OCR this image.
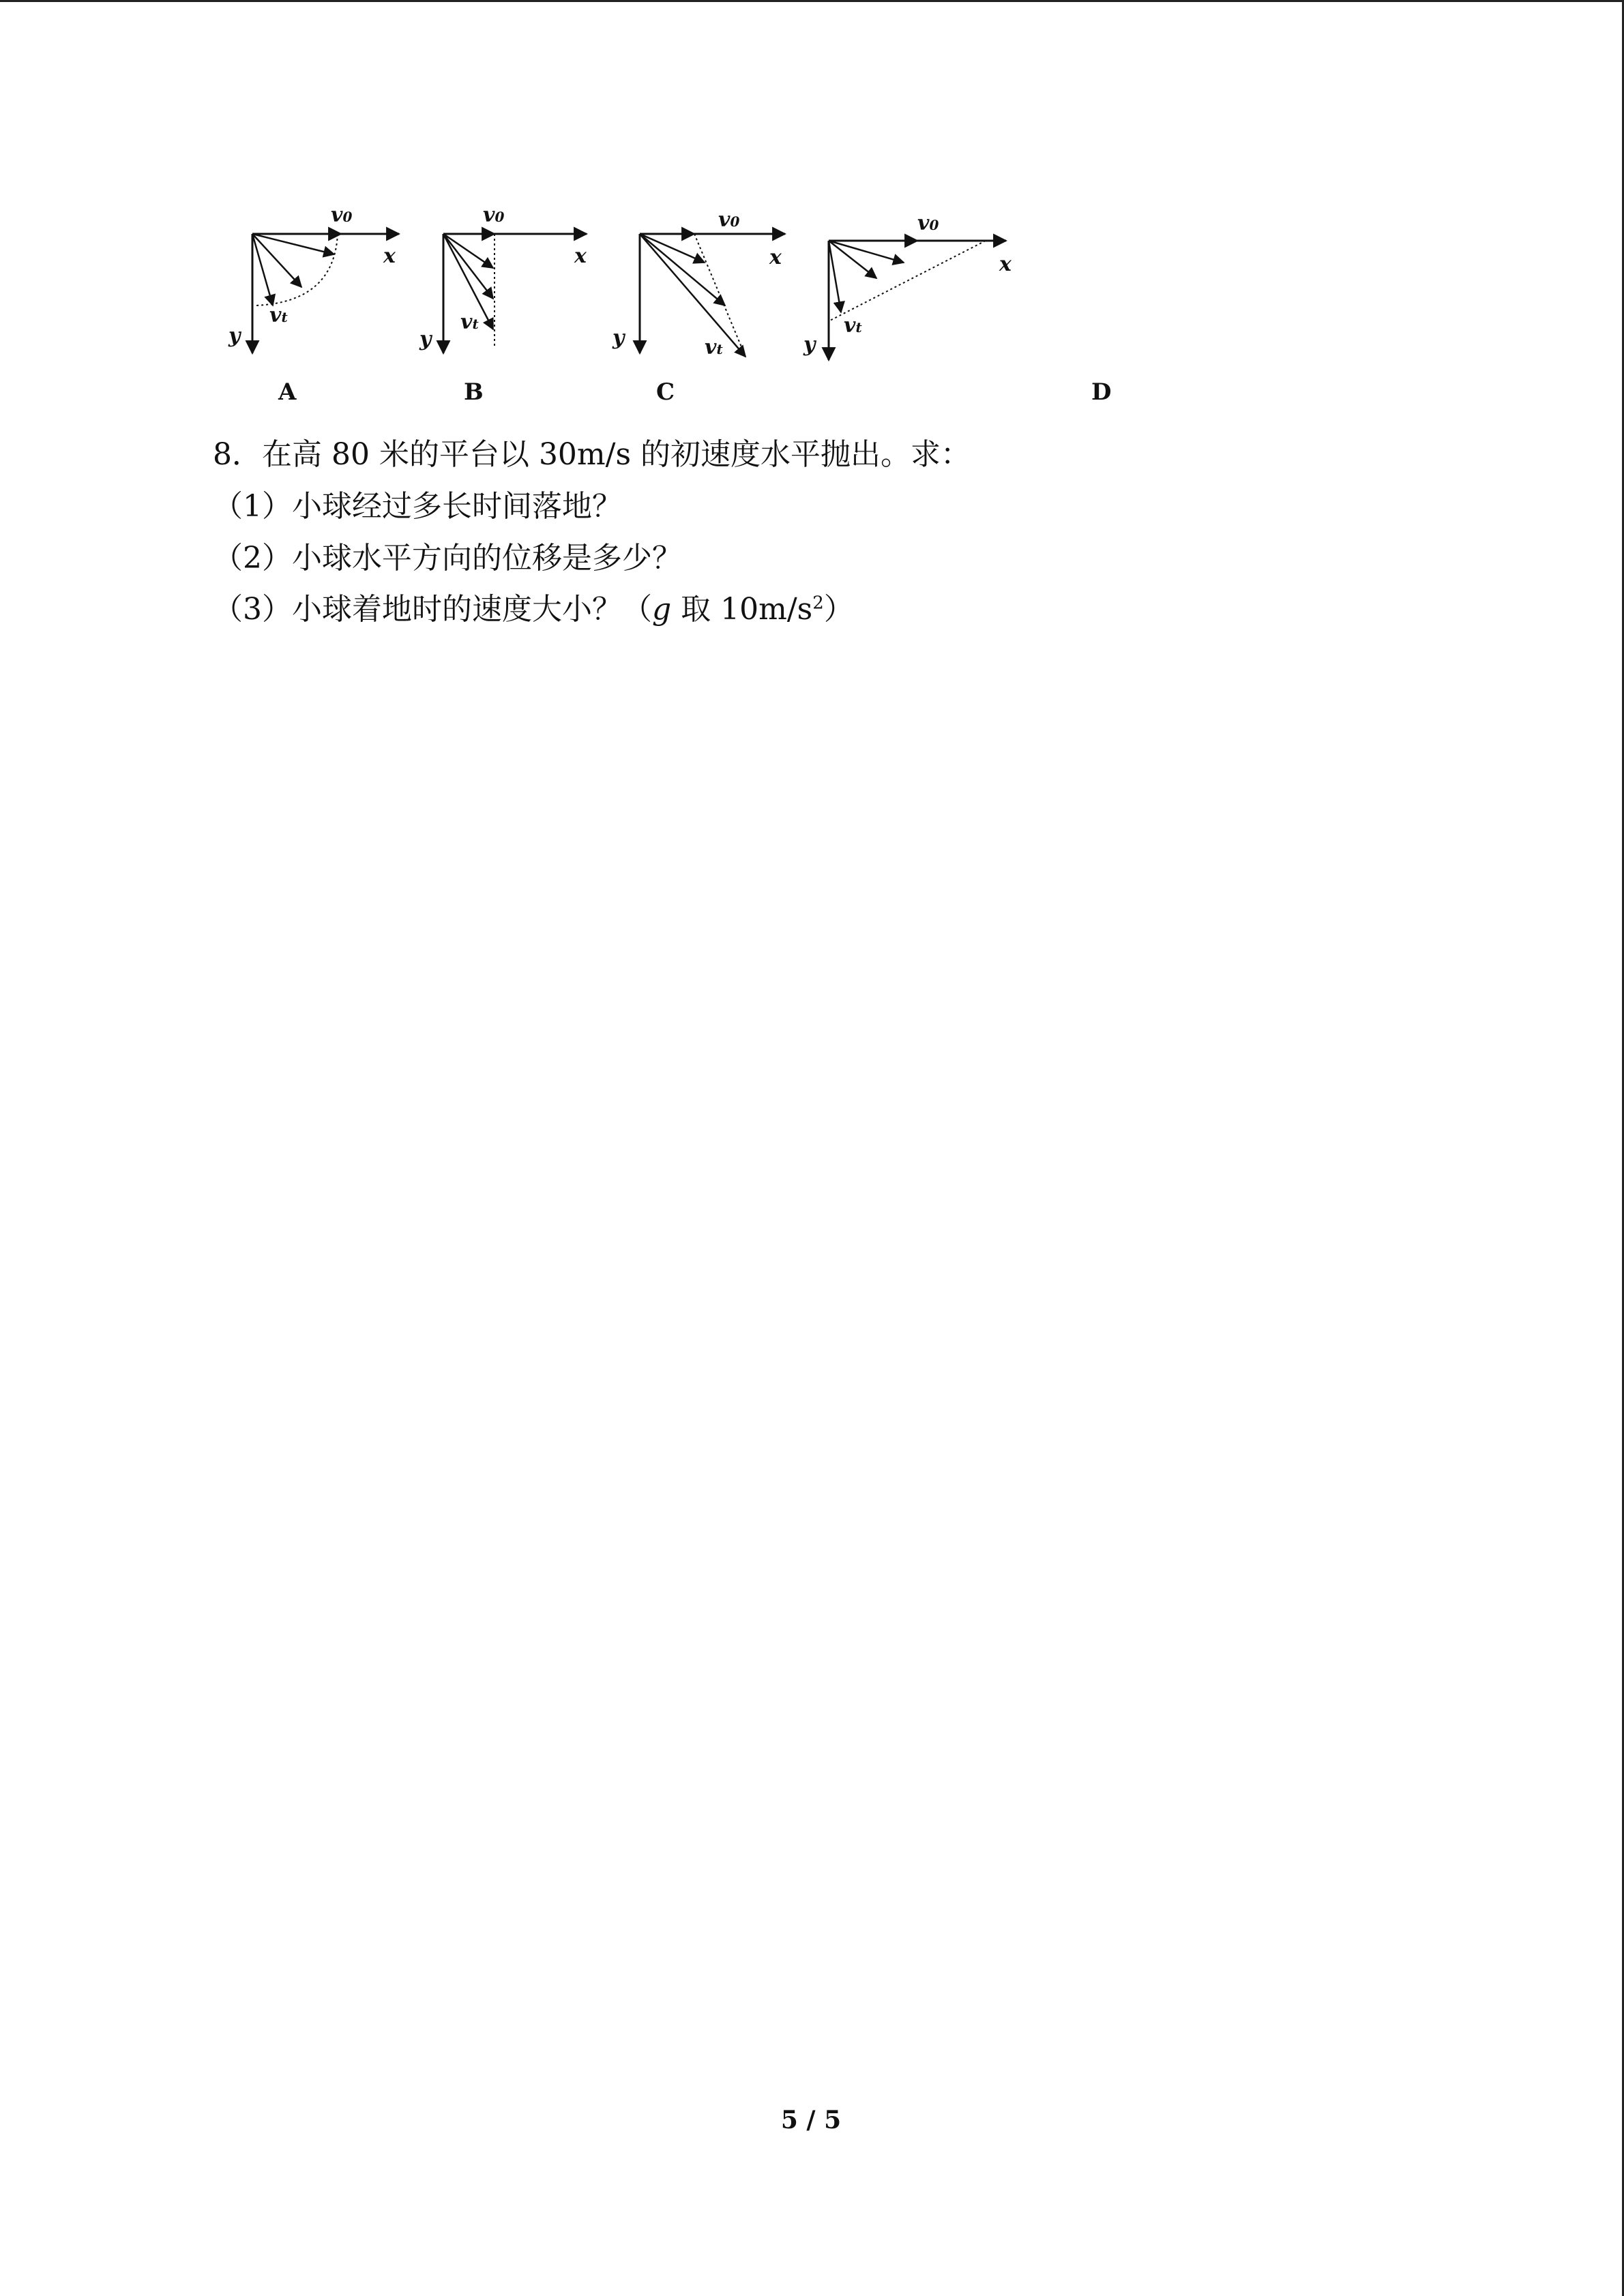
v0
x
vt
y
A
v0
x
vt
y
B
v0
x
y	vt
C
v0
x
vt
y
D

8．在高 80 米的平台以 30m/s 的初速度水平抛出。求：

（1）小球经过多长时间落地？

（2）小球水平方向的位移是多少？

（3）小球着地时的速度大小？（g 取 $10m/s^2$）

5 / 5
